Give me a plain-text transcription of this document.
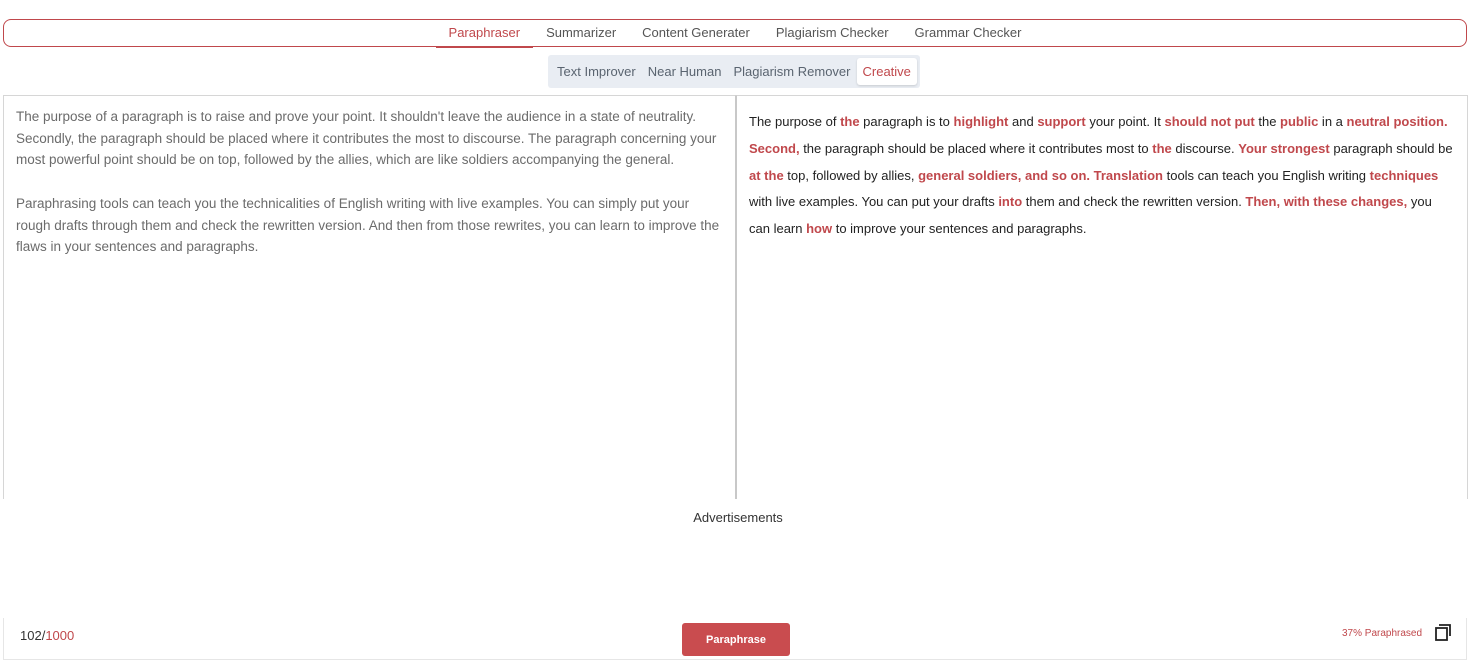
Paraphraser	Summarizer	Content Generater	Plagiarism Checker	Grammar Checker
Text Improver Near Human Plagiarism Remover Creative

The purpose of a paragraph is to raise and prove your point. It shouldn't leave the audience in a state of neutrality. Secondly, the paragraph should be placed where it contributes the most to discourse. The paragraph concerning your most powerful point should be on top, followed by the allies, which are like soldiers accompanying the general.

Paraphrasing tools can teach you the technicalities of English writing with live examples. You can simply put your rough drafts through them and check the rewritten version. And then from those rewrites, you can learn to improve the flaws in your sentences and paragraphs.

The purpose of the paragraph is to highlight and support your point. It should not put the public in a neutral position. Second, the paragraph should be placed where it contributes most to the discourse. Your strongest paragraph should be at the top, followed by allies, general soldiers, and so on. Translation tools can teach you English writing techniques with live examples. You can put your drafts into them and check the rewritten version. Then, with these changes, you can learn how to improve your sentences and paragraphs.
Advertisements
102/1000	Paraphrase	37% Paraphrased
